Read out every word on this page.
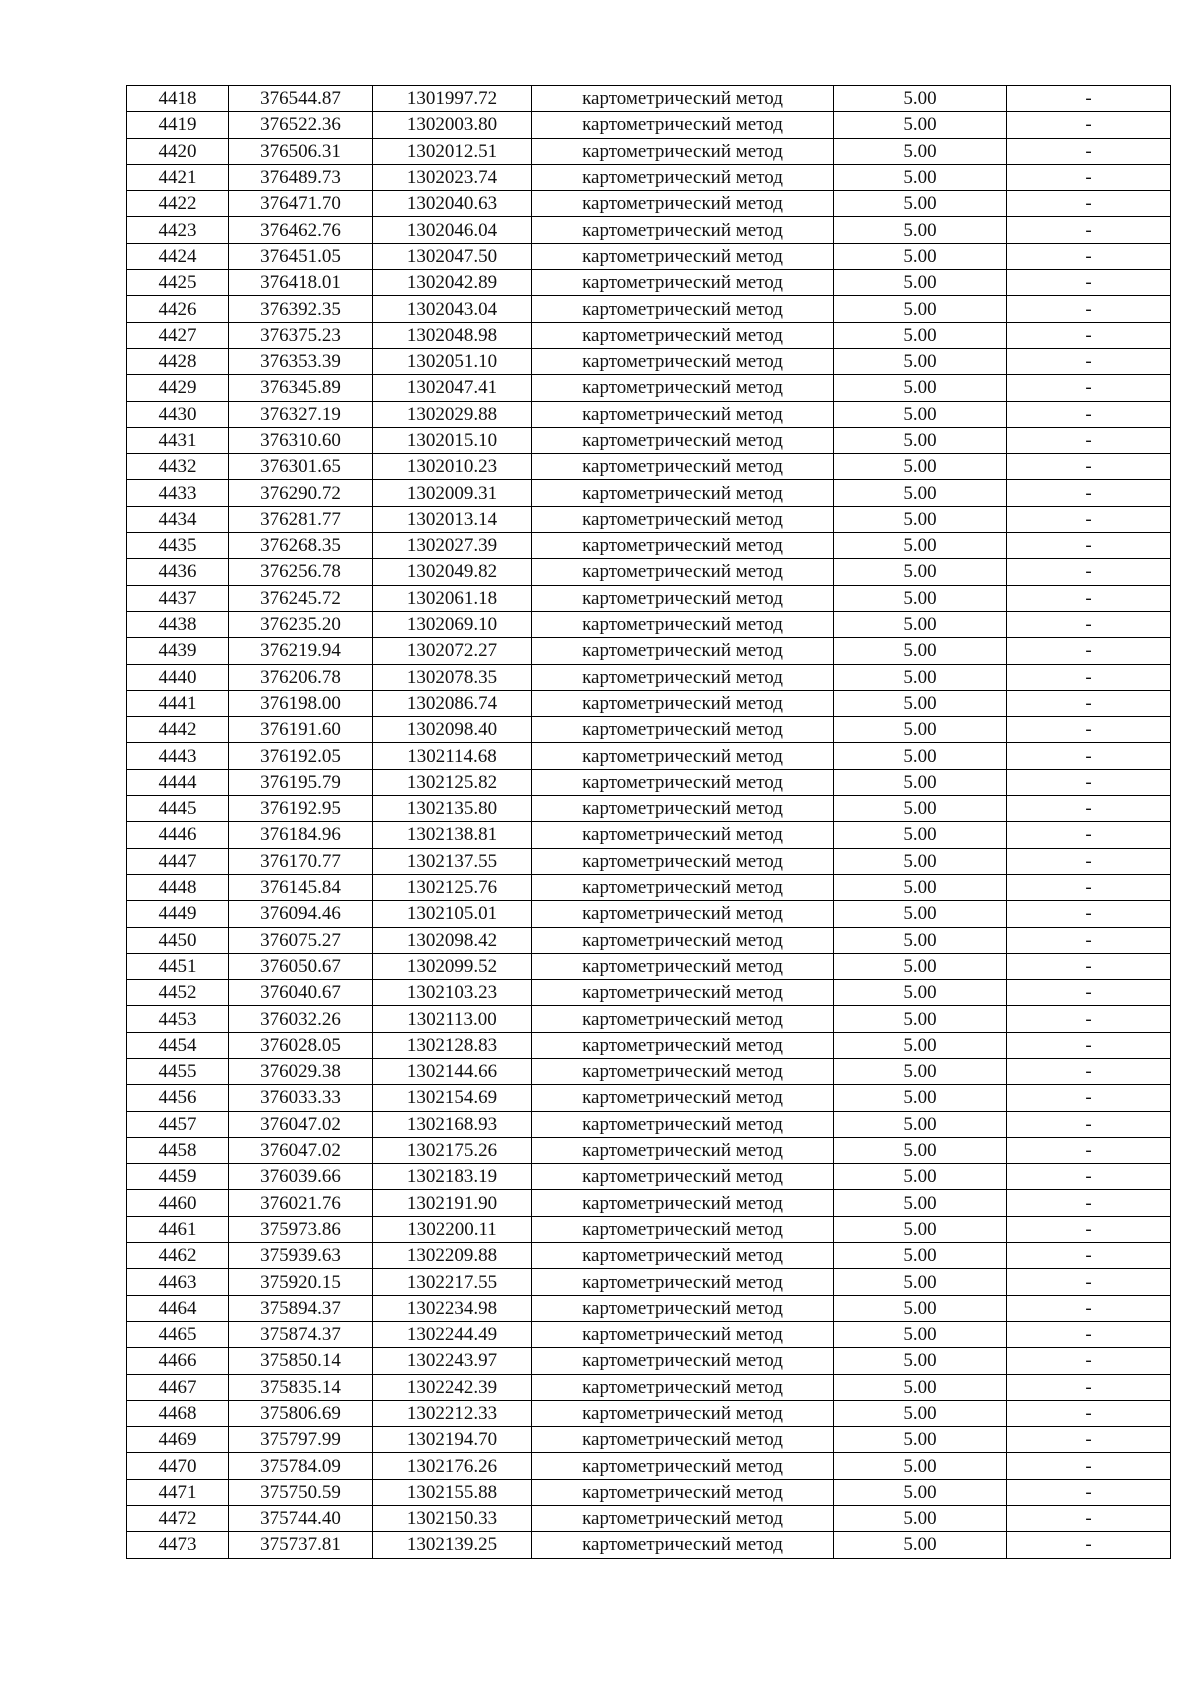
4418	376544.87	1301997.72	картометрический метод	5.00	-
4419	376522.36	1302003.80	картометрический метод	5.00	-
4420	376506.31	1302012.51	картометрический метод	5.00	-
4421	376489.73	1302023.74	картометрический метод	5.00	-
4422	376471.70	1302040.63	картометрический метод	5.00	-
4423	376462.76	1302046.04	картометрический метод	5.00	-
4424	376451.05	1302047.50	картометрический метод	5.00	-
4425	376418.01	1302042.89	картометрический метод	5.00	-
4426	376392.35	1302043.04	картометрический метод	5.00	-
4427	376375.23	1302048.98	картометрический метод	5.00	-
4428	376353.39	1302051.10	картометрический метод	5.00	-
4429	376345.89	1302047.41	картометрический метод	5.00	-
4430	376327.19	1302029.88	картометрический метод	5.00	-
4431	376310.60	1302015.10	картометрический метод	5.00	-
4432	376301.65	1302010.23	картометрический метод	5.00	-
4433	376290.72	1302009.31	картометрический метод	5.00	-
4434	376281.77	1302013.14	картометрический метод	5.00	-
4435	376268.35	1302027.39	картометрический метод	5.00	-
4436	376256.78	1302049.82	картометрический метод	5.00	-
4437	376245.72	1302061.18	картометрический метод	5.00	-
4438	376235.20	1302069.10	картометрический метод	5.00	-
4439	376219.94	1302072.27	картометрический метод	5.00	-
4440	376206.78	1302078.35	картометрический метод	5.00	-
4441	376198.00	1302086.74	картометрический метод	5.00	-
4442	376191.60	1302098.40	картометрический метод	5.00	-
4443	376192.05	1302114.68	картометрический метод	5.00	-
4444	376195.79	1302125.82	картометрический метод	5.00	-
4445	376192.95	1302135.80	картометрический метод	5.00	-
4446	376184.96	1302138.81	картометрический метод	5.00	-
4447	376170.77	1302137.55	картометрический метод	5.00	-
4448	376145.84	1302125.76	картометрический метод	5.00	-
4449	376094.46	1302105.01	картометрический метод	5.00	-
4450	376075.27	1302098.42	картометрический метод	5.00	-
4451	376050.67	1302099.52	картометрический метод	5.00	-
4452	376040.67	1302103.23	картометрический метод	5.00	-
4453	376032.26	1302113.00	картометрический метод	5.00	-
4454	376028.05	1302128.83	картометрический метод	5.00	-
4455	376029.38	1302144.66	картометрический метод	5.00	-
4456	376033.33	1302154.69	картометрический метод	5.00	-
4457	376047.02	1302168.93	картометрический метод	5.00	-
4458	376047.02	1302175.26	картометрический метод	5.00	-
4459	376039.66	1302183.19	картометрический метод	5.00	-
4460	376021.76	1302191.90	картометрический метод	5.00	-
4461	375973.86	1302200.11	картометрический метод	5.00	-
4462	375939.63	1302209.88	картометрический метод	5.00	-
4463	375920.15	1302217.55	картометрический метод	5.00	-
4464	375894.37	1302234.98	картометрический метод	5.00	-
4465	375874.37	1302244.49	картометрический метод	5.00	-
4466	375850.14	1302243.97	картометрический метод	5.00	-
4467	375835.14	1302242.39	картометрический метод	5.00	-
4468	375806.69	1302212.33	картометрический метод	5.00	-
4469	375797.99	1302194.70	картометрический метод	5.00	-
4470	375784.09	1302176.26	картометрический метод	5.00	-
4471	375750.59	1302155.88	картометрический метод	5.00	-
4472	375744.40	1302150.33	картометрический метод	5.00	-
4473	375737.81	1302139.25	картометрический метод	5.00	-
